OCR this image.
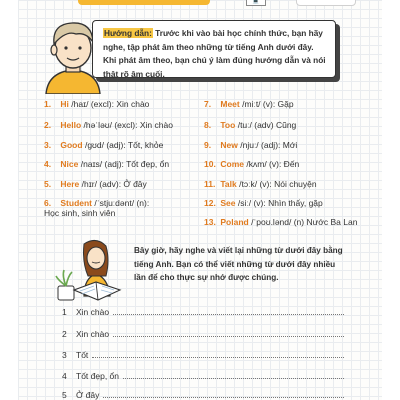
💻
Hướng dẫn: Trước khi vào bài học chính thức, bạn hãy nghe, tập phát âm theo những từ tiếng Anh dưới đây. Khi phát âm theo, bạn chú ý làm đúng hướng dẫn và nói thật rõ âm cuối.
1. Hi /haɪ/ (excl): Xin chào
2. Hello /həˈləʊ/ (excl): Xin chào
3. Good /ɡʊd/ (adj): Tốt, khỏe
4. Nice /naɪs/ (adj): Tốt đẹp, ổn
5. Here /hɪr/ (adv): Ở đây
6. Student /ˈstjuːdənt/ (n):
Học sinh, sinh viên
7. Meet /miːt/ (v): Gặp
8. Too /tuː/ (adv) Cũng
9. New /njuː/ (adj): Mới
10. Come /kʌm/ (v): Đến
11. Talk /tɔːk/ (v): Nói chuyện
12. See /siː/ (v): Nhìn thấy, gặp
13. Poland /ˈpoʊ.lənd/ (n) Nước Ba Lan
Bây giờ, hãy nghe và viết lại những từ dưới đây bằng tiếng Anh. Bạn có thể viết những từ dưới đây nhiều lần để cho thực sự nhớ được chúng.
1	Xin chào
2	Xin chào
3	Tốt
4	Tốt đẹp, ổn
5	Ở đây
